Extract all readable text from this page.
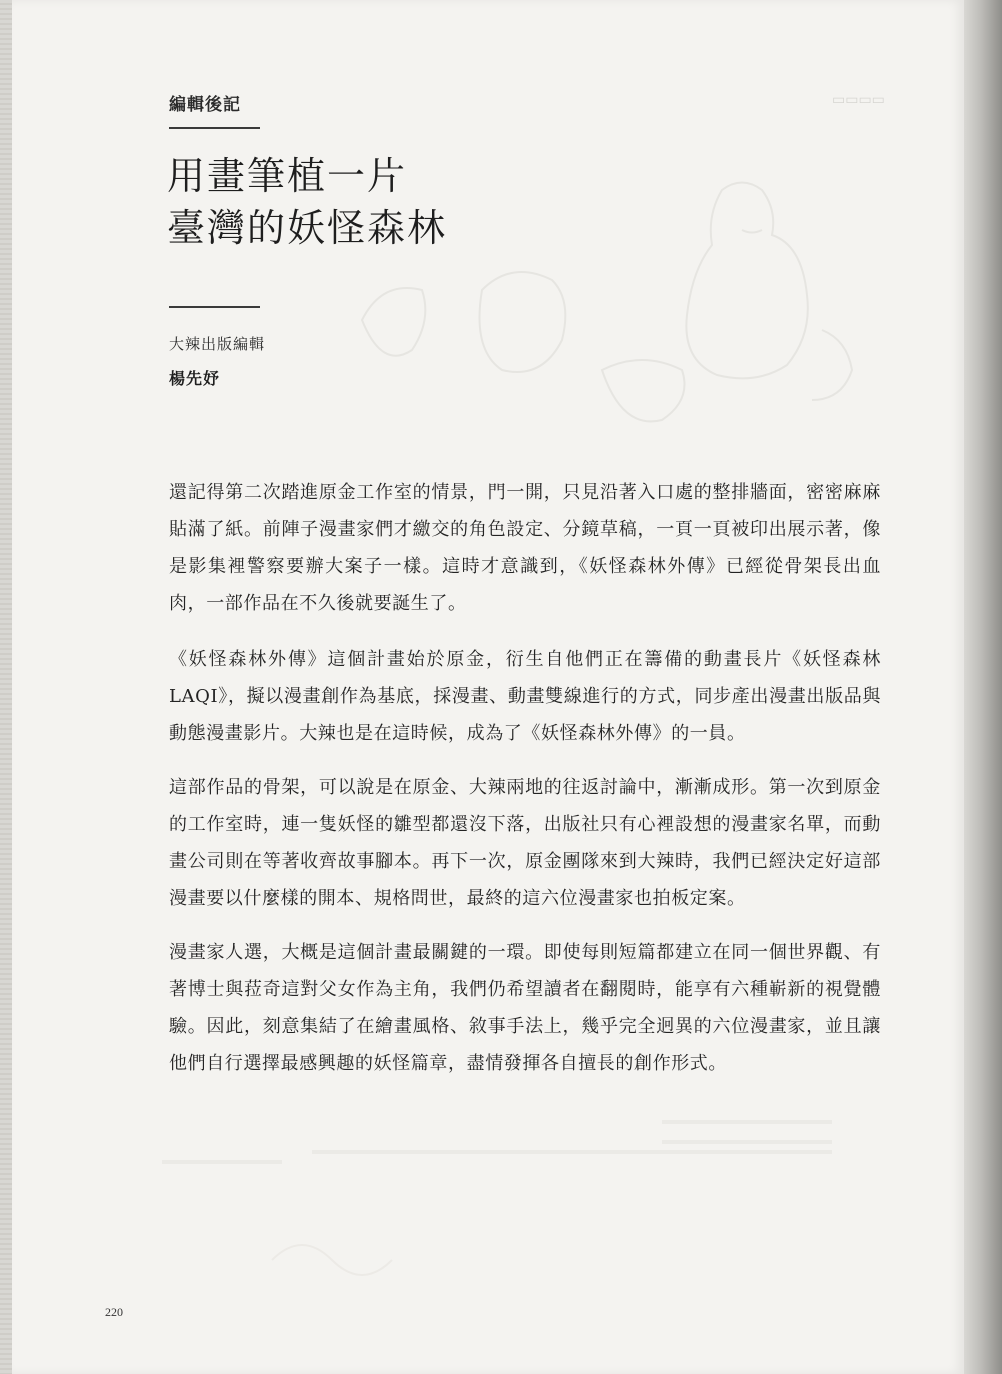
▭▭▭▭
編輯後記
用畫筆植一片
臺灣的妖怪森林
大辣出版編輯
楊先妤

還記得第二次踏進原金工作室的情景，門一開，只見沿著入口處的整排牆面，密密麻麻貼滿了紙。前陣子漫畫家們才繳交的角色設定、分鏡草稿，一頁一頁被印出展示著，像是影集裡警察要辦大案子一樣。這時才意識到，《妖怪森林外傳》已經從骨架長出血肉，一部作品在不久後就要誕生了。

《妖怪森林外傳》這個計畫始於原金，衍生自他們正在籌備的動畫長片《妖怪森林 LAQI》，擬以漫畫創作為基底，採漫畫、動畫雙線進行的方式，同步產出漫畫出版品與動態漫畫影片。大辣也是在這時候，成為了《妖怪森林外傳》的一員。

這部作品的骨架，可以說是在原金、大辣兩地的往返討論中，漸漸成形。第一次到原金的工作室時，連一隻妖怪的雛型都還沒下落，出版社只有心裡設想的漫畫家名單，而動畫公司則在等著收齊故事腳本。再下一次，原金團隊來到大辣時，我們已經決定好這部漫畫要以什麼樣的開本、規格問世，最終的這六位漫畫家也拍板定案。

漫畫家人選，大概是這個計畫最關鍵的一環。即使每則短篇都建立在同一個世界觀、有著博士與菈奇這對父女作為主角，我們仍希望讀者在翻閱時，能享有六種嶄新的視覺體驗。因此，刻意集結了在繪畫風格、敘事手法上，幾乎完全迥異的六位漫畫家，並且讓他們自行選擇最感興趣的妖怪篇章，盡情發揮各自擅長的創作形式。

220
